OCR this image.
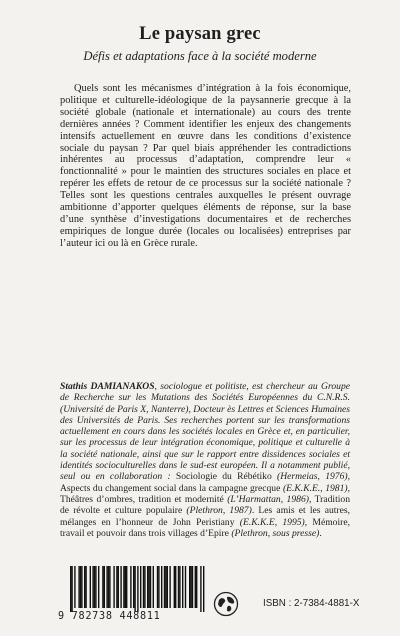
Le paysan grec
Défis et adaptations face à la société moderne

Quels sont les mécanismes d’intégration à la fois économique, politique et culturelle-idéologique de la paysannerie grecque à la société globale (nationale et internationale) au cours des trente dernières années ? Comment identifier les enjeux des changements intensifs actuellement en œuvre dans les conditions d’existence sociale du paysan ? Par quel biais appréhender les contradictions inhérentes au processus d’adaptation, comprendre leur « fonctionnalité » pour le maintien des structures sociales en place et repérer les effets de retour de ce processus sur la société nationale ? Telles sont les questions centrales auxquelles le présent ouvrage ambitionne d’apporter quelques éléments de réponse, sur la base d’une synthèse d’investigations documentaires et de recherches empiriques de longue durée (locales ou localisées) entreprises par l’auteur ici ou là en Grèce rurale.

Stathis DAMIANAKOS, sociologue et politiste, est chercheur au Groupe de Recherche sur les Mutations des Sociétés Européennes du C.N.R.S. (Université de Paris X, Nanterre), Docteur ès Lettres et Sciences Humaines des Universités de Paris. Ses recherches portent sur les transformations actuellement en cours dans les sociétés locales en Grèce et, en particulier, sur les processus de leur intégration économique, politique et culturelle à la société nationale, ainsi que sur le rapport entre dissidences sociales et identités socioculturelles dans le sud-est européen. Il a notamment publié, seul ou en collaboration : Sociologie du Rébétiko (Hermeias, 1976), Aspects du changement social dans la campagne grecque (E.K.K.E., 1981), Théâtres d’ombres, tradition et modernité (L’Harmattan, 1986), Tradition de révolte et culture populaire (Plethron, 1987). Les amis et les autres, mélanges en l’honneur de John Peristiany (E.K.K.E, 1995), Mémoire, travail et pouvoir dans trois villages d’Epire (Plethron, sous presse).

9 782738 448811
ISBN : 2-7384-4881-X
